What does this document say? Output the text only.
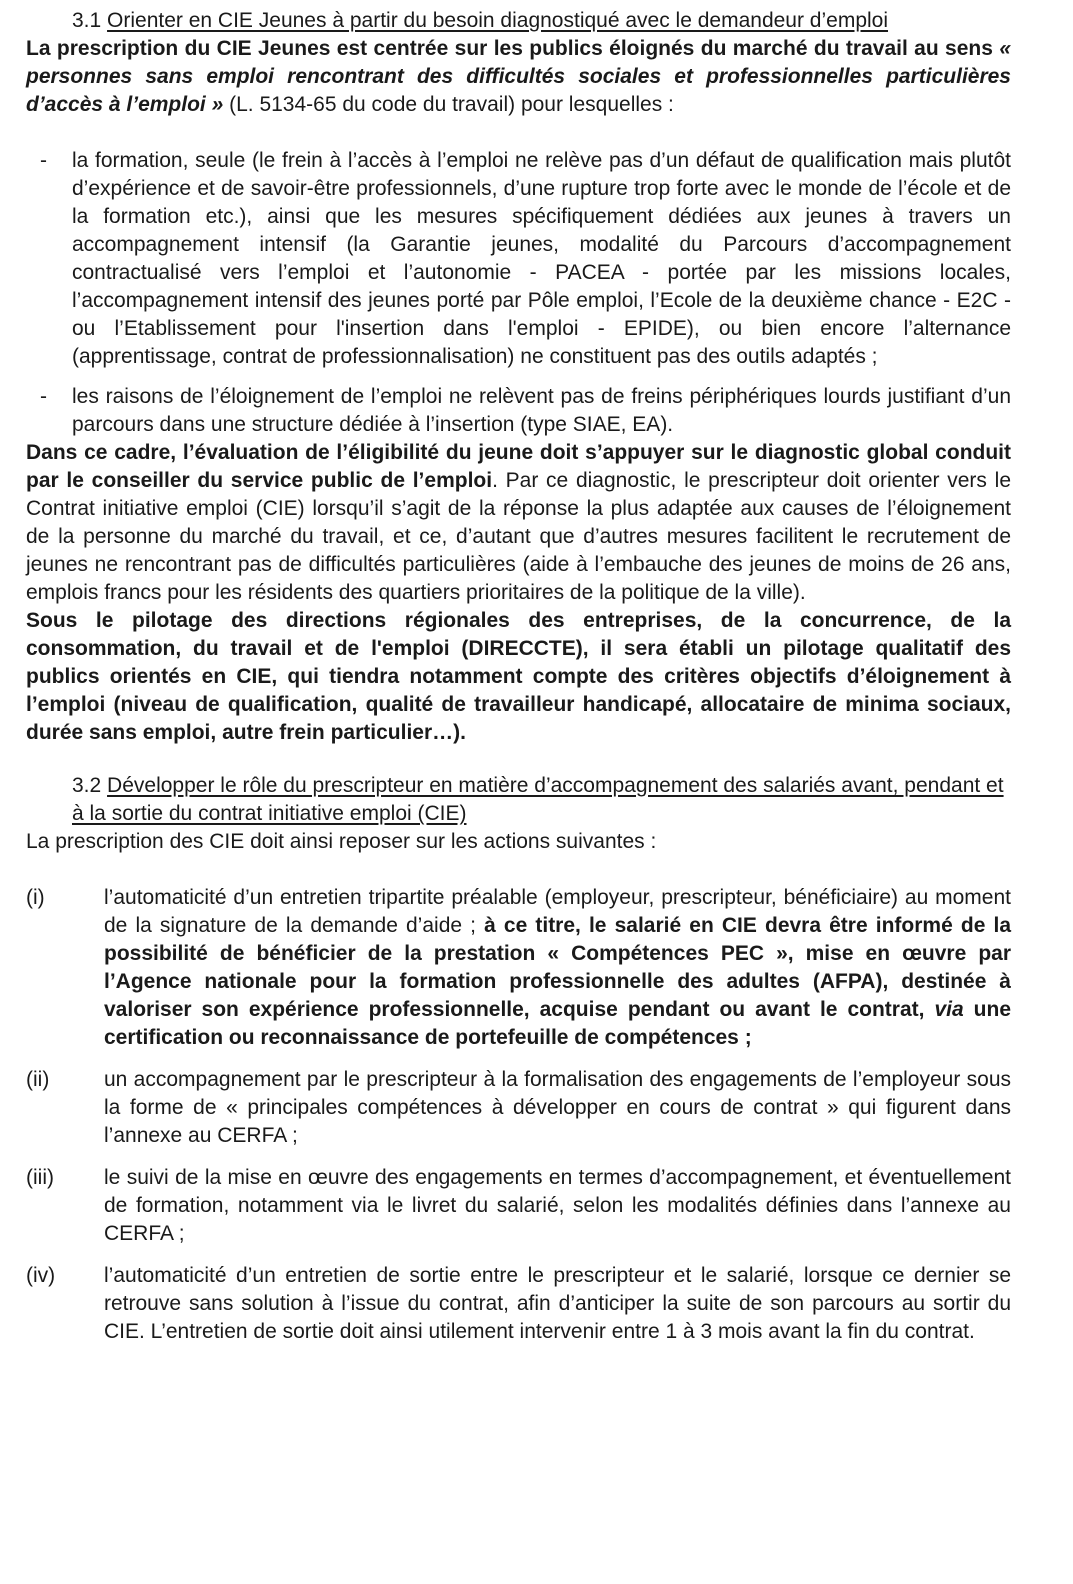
3.1 Orienter en CIE Jeunes à partir du besoin diagnostiqué avec le demandeur d’emploi

La prescription du CIE Jeunes est centrée sur les publics éloignés du marché du travail au sens « personnes sans emploi rencontrant des difficultés sociales et professionnelles particulières d’accès à l’emploi » (L. 5134-65 du code du travail) pour lesquelles :

- la formation, seule (le frein à l’accès à l’emploi ne relève pas d’un défaut de qualification mais plutôt d’expérience et de savoir-être professionnels, d’une rupture trop forte avec le monde de l’école et de la formation etc.), ainsi que les mesures spécifiquement dédiées aux jeunes à travers un accompagnement intensif (la Garantie jeunes, modalité du Parcours d’accompagnement contractualisé vers l’emploi et l’autonomie - PACEA - portée par les missions locales, l’accompagnement intensif des jeunes porté par Pôle emploi, l’Ecole de la deuxième chance - E2C - ou l’Etablissement pour l'insertion dans l'emploi - EPIDE), ou bien encore l’alternance (apprentissage, contrat de professionnalisation) ne constituent pas des outils adaptés ;
- les raisons de l’éloignement de l’emploi ne relèvent pas de freins périphériques lourds justifiant d’un parcours dans une structure dédiée à l’insertion (type SIAE, EA).

Dans ce cadre, l’évaluation de l’éligibilité du jeune doit s’appuyer sur le diagnostic global conduit par le conseiller du service public de l’emploi. Par ce diagnostic, le prescripteur doit orienter vers le Contrat initiative emploi (CIE) lorsqu’il s’agit de la réponse la plus adaptée aux causes de l’éloignement de la personne du marché du travail, et ce, d’autant que d’autres mesures facilitent le recrutement de jeunes ne rencontrant pas de difficultés particulières (aide à l’embauche des jeunes de moins de 26 ans, emplois francs pour les résidents des quartiers prioritaires de la politique de la ville).

Sous le pilotage des directions régionales des entreprises, de la concurrence, de la consommation, du travail et de l'emploi (DIRECCTE), il sera établi un pilotage qualitatif des publics orientés en CIE, qui tiendra notamment compte des critères objectifs d’éloignement à l’emploi (niveau de qualification, qualité de travailleur handicapé, allocataire de minima sociaux, durée sans emploi, autre frein particulier…).

3.2 Développer le rôle du prescripteur en matière d’accompagnement des salariés avant, pendant et à la sortie du contrat initiative emploi (CIE)

La prescription des CIE doit ainsi reposer sur les actions suivantes :

(i)	l’automaticité d’un entretien tripartite préalable (employeur, prescripteur, bénéficiaire) au moment de la signature de la demande d’aide ; à ce titre, le salarié en CIE devra être informé de la possibilité de bénéficier de la prestation « Compétences PEC », mise en œuvre par l’Agence nationale pour la formation professionnelle des adultes (AFPA), destinée à valoriser son expérience professionnelle, acquise pendant ou avant le contrat, via une certification ou reconnaissance de portefeuille de compétences ;
(ii)	un accompagnement par le prescripteur à la formalisation des engagements de l’employeur sous la forme de « principales compétences à développer en cours de contrat » qui figurent dans l’annexe au CERFA ;
(iii) le suivi de la mise en œuvre des engagements en termes d’accompagnement, et éventuellement de formation, notamment via le livret du salarié, selon les modalités définies dans l’annexe au CERFA ;
(iv) l’automaticité d’un entretien de sortie entre le prescripteur et le salarié, lorsque ce dernier se retrouve sans solution à l’issue du contrat, afin d’anticiper la suite de son parcours au sortir du CIE. L’entretien de sortie doit ainsi utilement intervenir entre 1 à 3 mois avant la fin du contrat.
